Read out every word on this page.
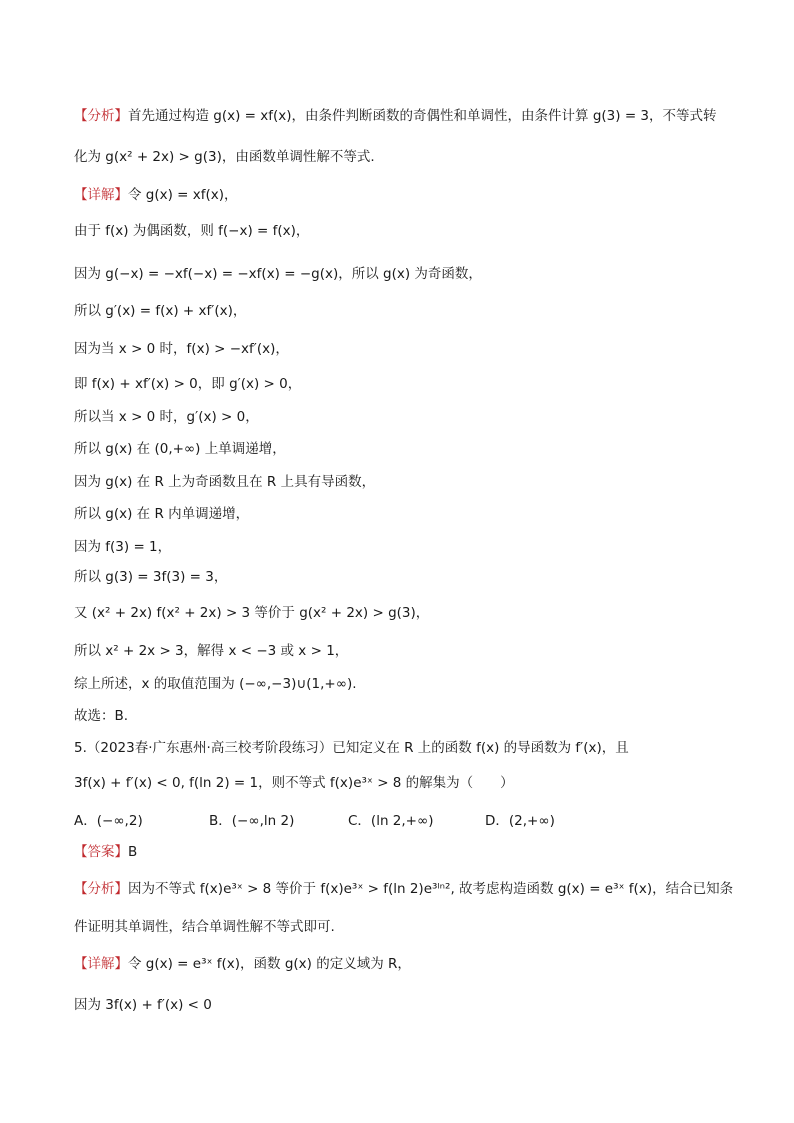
【分析】首先通过构造 g(x) = xf(x)，由条件判断函数的奇偶性和单调性，由条件计算 g(3) = 3，不等式转
化为 g(x² + 2x) > g(3)，由函数单调性解不等式.
【详解】令 g(x) = xf(x)，
由于 f(x) 为偶函数，则 f(−x) = f(x)，
因为 g(−x) = −xf(−x) = −xf(x) = −g(x)，所以 g(x) 为奇函数，
所以 g′(x) = f(x) + xf′(x)，
因为当 x > 0 时，f(x) > −xf′(x)，
即 f(x) + xf′(x) > 0，即 g′(x) > 0，
所以当 x > 0 时，g′(x) > 0，
所以 g(x) 在 (0,+∞) 上单调递增，
因为 g(x) 在 R 上为奇函数且在 R 上具有导函数，
所以 g(x) 在 R 内单调递增，
因为 f(3) = 1，
所以 g(3) = 3f(3) = 3，
又 (x² + 2x) f(x² + 2x) > 3 等价于 g(x² + 2x) > g(3)，
所以 x² + 2x > 3，解得 x < −3 或 x > 1，
综上所述，x 的取值范围为 (−∞,−3)∪(1,+∞).
故选：B.
5.（2023春·广东惠州·高三校考阶段练习）已知定义在 R 上的函数 f(x) 的导函数为 f′(x)，且
3f(x) + f′(x) < 0, f(ln 2) = 1，则不等式 f(x)e³ˣ > 8 的解集为（　　）
A．(−∞,2)	B．(−∞,ln 2)	C．(ln 2,+∞)	D．(2,+∞)
【答案】B
【分析】因为不等式 f(x)e³ˣ > 8 等价于 f(x)e³ˣ > f(ln 2)e³ˡⁿ², 故考虑构造函数 g(x) = e³ˣ f(x)，结合已知条
件证明其单调性，结合单调性解不等式即可.
【详解】令 g(x) = e³ˣ f(x)，函数 g(x) 的定义域为 R，
因为 3f(x) + f′(x) < 0
